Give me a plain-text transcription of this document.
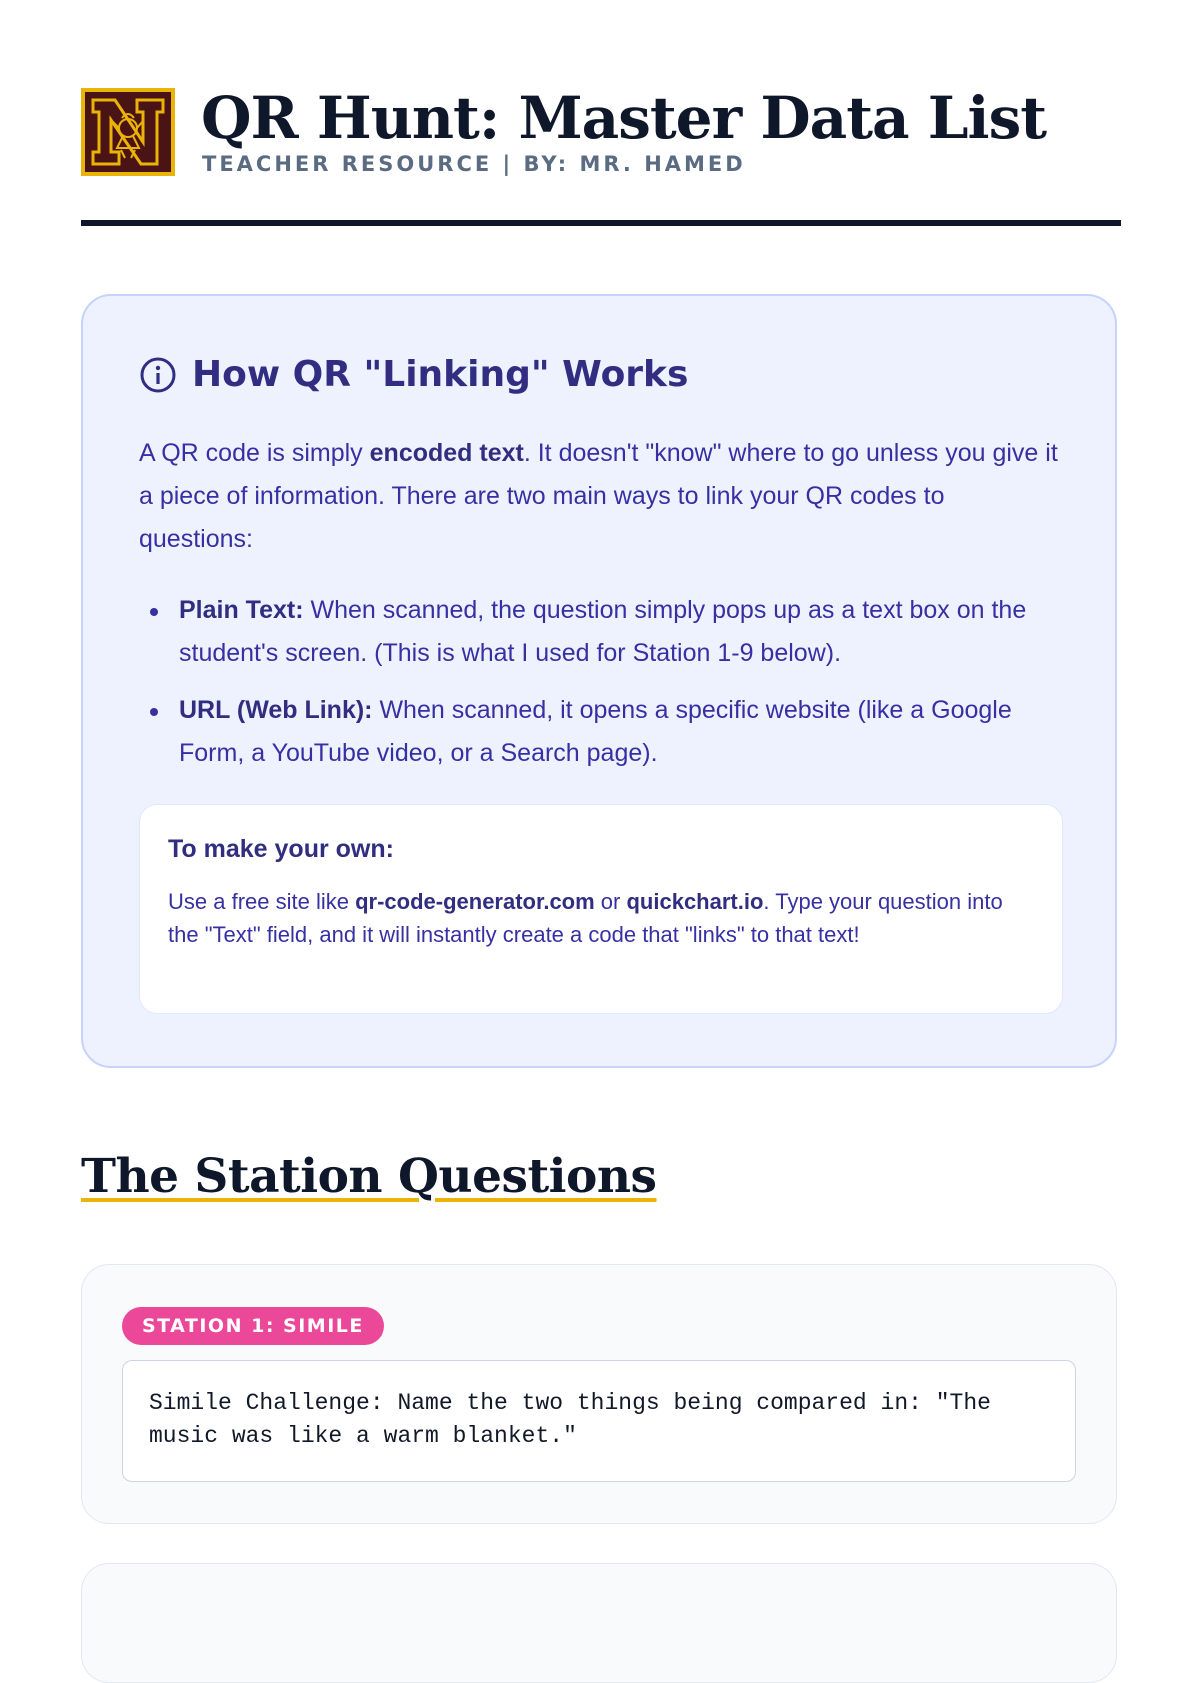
QR Hunt: Master Data List
TEACHER RESOURCE | BY: MR. HAMED
How QR "Linking" Works

A QR code is simply encoded text. It doesn't "know" where to go unless you give it a piece of information. There are two main ways to link your QR codes to questions:

Plain Text: When scanned, the question simply pops up as a text box on the student's screen. (This is what I used for Station 1-9 below).
URL (Web Link): When scanned, it opens a specific website (like a Google Form, a YouTube video, or a Search page).
To make your own:

Use a free site like qr-code-generator.com or quickchart.io. Type your question into the "Text" field, and it will instantly create a code that "links" to that text!

The Station Questions
STATION 1: SIMILE
Simile Challenge: Name the two things being compared in: "The music was like a warm blanket."
